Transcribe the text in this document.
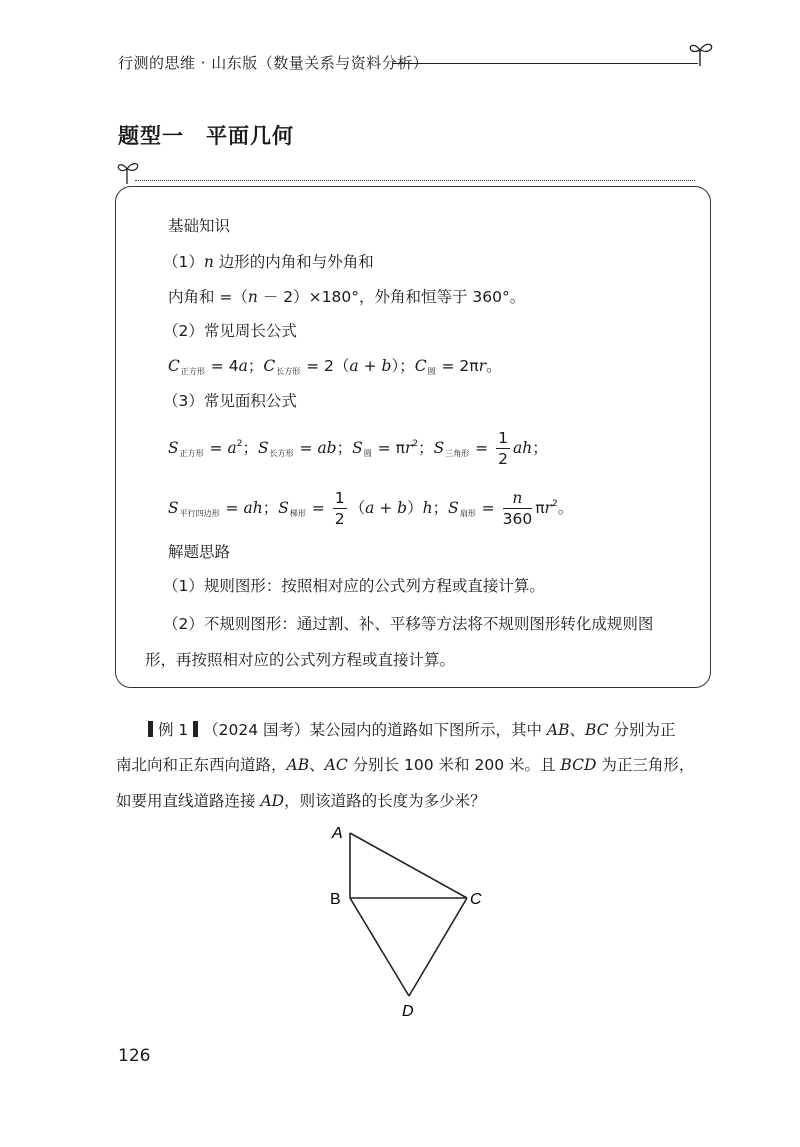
行测的思维 · 山东版（数量关系与资料分析）
题型一　平面几何
基础知识
（1）n 边形的内角和与外角和
内角和 =（n － 2）×180°，外角和恒等于 360°。
（2）常见周长公式
$C_{正方形} = 4a$；$C_{长方形} = 2(a + b)$；$C_圆 = 2\pi r$。
（3）常见面积公式
$S_{正方形} = a^2$；$S_{长方形}$ = ab；$S_圆 = \pi r^2$；$S_{三角形} = \frac{1}{2}$ ah；
$S_{平行四边形}$ = ah；$S_{梯形} = \frac{1}{2} (a + b)h$；$S_{扇形} = \frac{n}{360} \pi r^2$。
解题思路
（1）规则图形：按照相对应的公式列方程或直接计算。
（2）不规则图形：通过割、补、平移等方法将不规则图形转化成规则图
形，再按照相对应的公式列方程或直接计算。
例 1 （2024 国考）某公园内的道路如下图所示，其中 AB、BC 分别为正
南北向和正东西向道路，AB、AC 分别长 100 米和 200 米。且 BCD 为正三角形，
如要用直线道路连接 AD，则该道路的长度为多少米？
A
B	C
D
126
